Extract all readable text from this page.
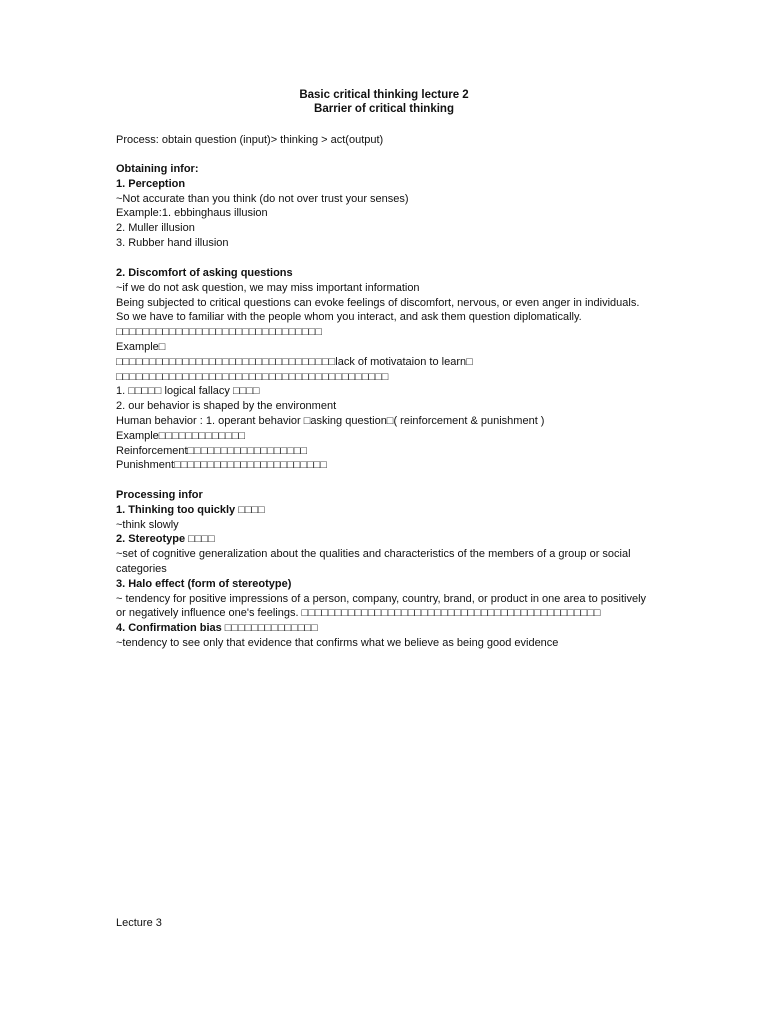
Basic critical thinking lecture 2
Barrier of critical thinking
Process: obtain question (input)> thinking > act(output)
Obtaining infor:
1. Perception
~Not accurate than you think (do not over trust your senses)
Example:1. ebbinghaus illusion
2. Muller illusion
3. Rubber hand illusion
2. Discomfort of asking questions
~if we do not ask question, we may miss important information
Being subjected to critical questions can evoke feelings of discomfort, nervous, or even anger in individuals. So we have to familiar with the people whom you interact, and ask them question diplomatically. □□□□□□□□□□□□□□□□□□□□□□□□□□□□□□□
Example□
□□□□□□□□□□□□□□□□□□□□□□□□□□□□□□□□□lack of motivataion to learn□
□□□□□□□□□□□□□□□□□□□□□□□□□□□□□□□□□□□□□□□□□
1. □□□□□ logical fallacy □□□□
2. our behavior is shaped by the environment
Human behavior : 1. operant behavior □asking question□( reinforcement & punishment )
Example□□□□□□□□□□□□□
Reinforcement□□□□□□□□□□□□□□□□□□
Punishment□□□□□□□□□□□□□□□□□□□□□□□
Processing infor
1. Thinking too quickly □□□□
~think slowly
2. Stereotype □□□□
~set of cognitive generalization about the qualities and characteristics of the members of a group or social categories
3. Halo effect (form of stereotype)
~ tendency for positive impressions of a person, company, country, brand, or product in one area to positively or negatively influence one's feelings. □□□□□□□□□□□□□□□□□□□□□□□□□□□□□□□□□□□□□□□□□□□□□
4. Confirmation bias □□□□□□□□□□□□□□
~tendency to see only that evidence that confirms what we believe as being good evidence
Lecture 3
